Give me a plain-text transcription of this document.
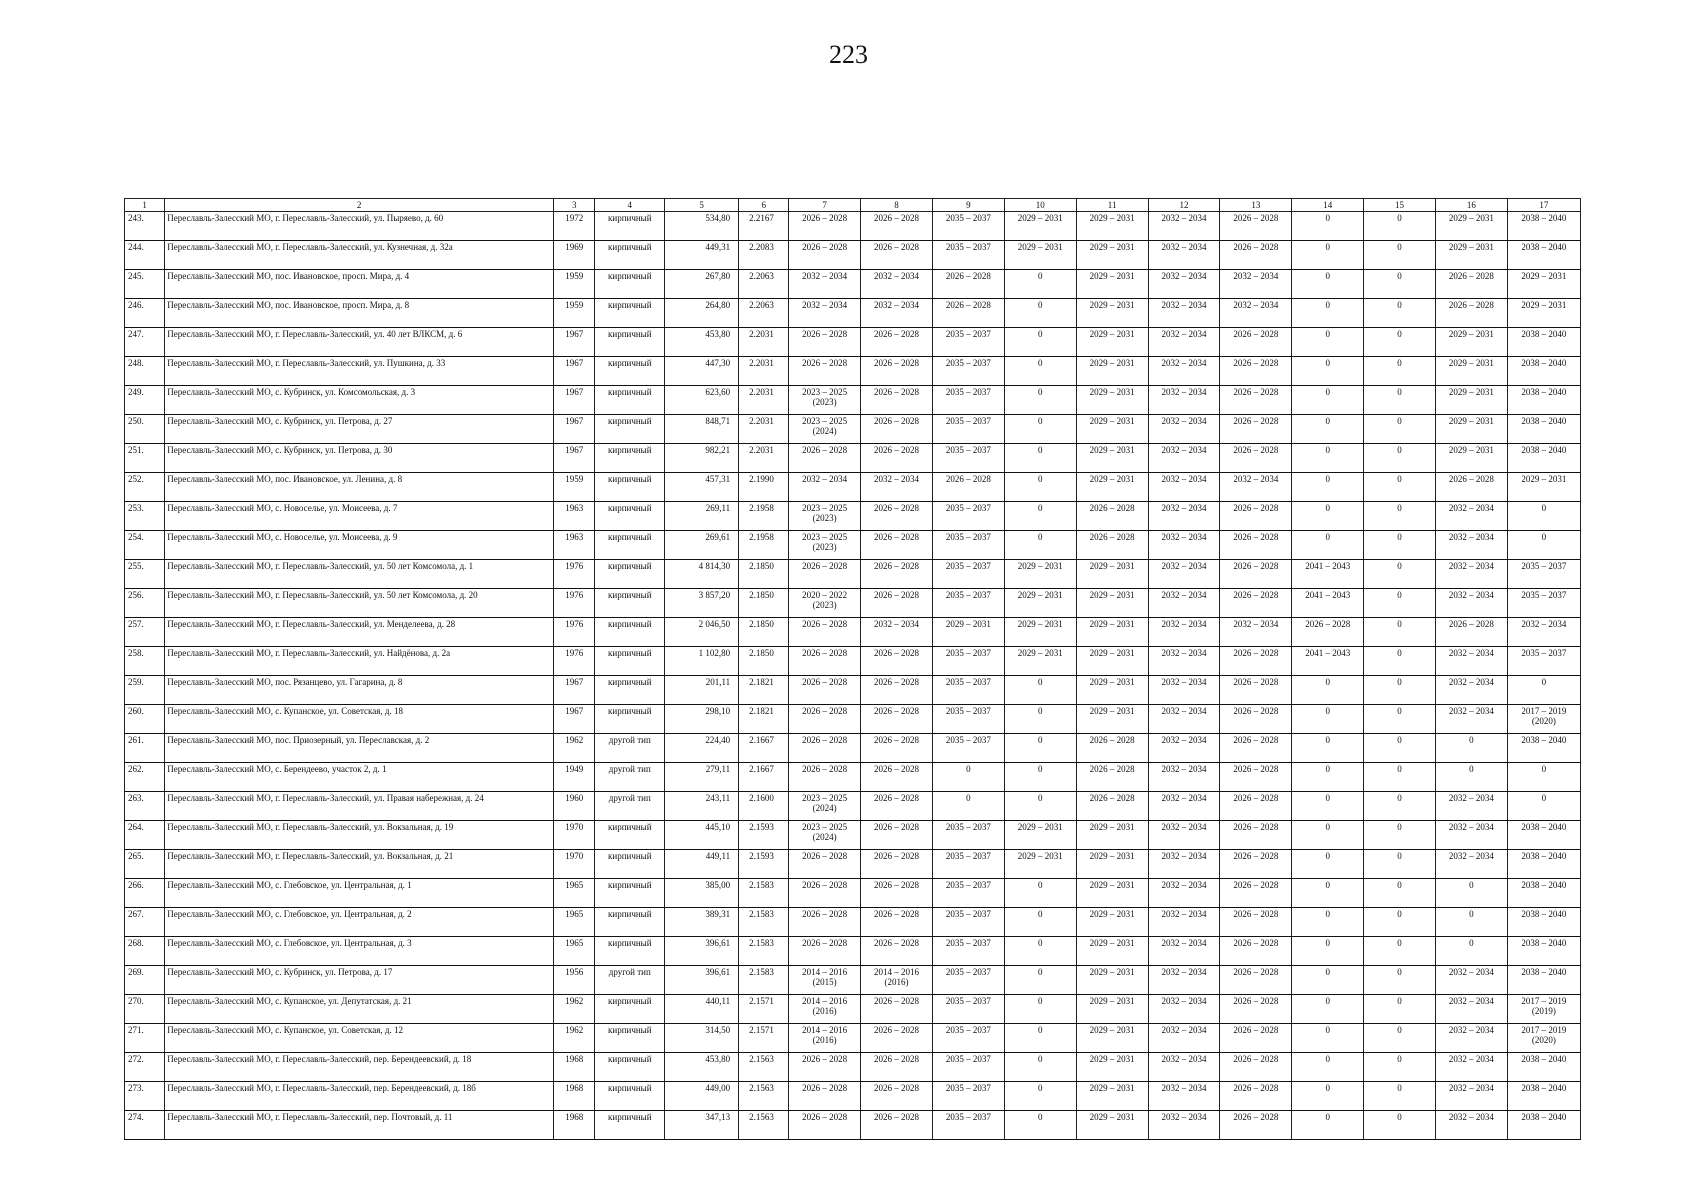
223
1	2	3	4	5	6	7	8	9	10	11	12	13	14	15	16	17
243.	Переславль-Залесский МО, г. Переславль-Залесский, ул. Пыряево, д. 60	1972	кирпичный	534,80	2.2167	2026 – 2028	2026 – 2028	2035 – 2037	2029 – 2031	2029 – 2031	2032 – 2034	2026 – 2028	0	0	2029 – 2031	2038 – 2040
244.	Переславль-Залесский МО, г. Переславль-Залесский, ул. Кузнечная, д. 32а	1969	кирпичный	449,31	2.2083	2026 – 2028	2026 – 2028	2035 – 2037	2029 – 2031	2029 – 2031	2032 – 2034	2026 – 2028	0	0	2029 – 2031	2038 – 2040
245.	Переславль-Залесский МО, пос. Ивановское, просп. Мира, д. 4	1959	кирпичный	267,80	2.2063	2032 – 2034	2032 – 2034	2026 – 2028	0	2029 – 2031	2032 – 2034	2032 – 2034	0	0	2026 – 2028	2029 – 2031
246.	Переславль-Залесский МО, пос. Ивановское, просп. Мира, д. 8	1959	кирпичный	264,80	2.2063	2032 – 2034	2032 – 2034	2026 – 2028	0	2029 – 2031	2032 – 2034	2032 – 2034	0	0	2026 – 2028	2029 – 2031
247.	Переславль-Залесский МО, г. Переславль-Залесский, ул. 40 лет ВЛКСМ, д. 6	1967	кирпичный	453,80	2.2031	2026 – 2028	2026 – 2028	2035 – 2037	0	2029 – 2031	2032 – 2034	2026 – 2028	0	0	2029 – 2031	2038 – 2040
248.	Переславль-Залесский МО, г. Переславль-Залесский, ул. Пушкина, д. 33	1967	кирпичный	447,30	2.2031	2026 – 2028	2026 – 2028	2035 – 2037	0	2029 – 2031	2032 – 2034	2026 – 2028	0	0	2029 – 2031	2038 – 2040
249.	Переславль-Залесский МО, с. Кубринск, ул. Комсомольская, д. 3	1967	кирпичный	623,60	2.2031	2023 – 2025 (2023)	2026 – 2028	2035 – 2037	0	2029 – 2031	2032 – 2034	2026 – 2028	0	0	2029 – 2031	2038 – 2040
250.	Переславль-Залесский МО, с. Кубринск, ул. Петрова, д. 27	1967	кирпичный	848,71	2.2031	2023 – 2025 (2024)	2026 – 2028	2035 – 2037	0	2029 – 2031	2032 – 2034	2026 – 2028	0	0	2029 – 2031	2038 – 2040
251.	Переславль-Залесский МО, с. Кубринск, ул. Петрова, д. 30	1967	кирпичный	982,21	2.2031	2026 – 2028	2026 – 2028	2035 – 2037	0	2029 – 2031	2032 – 2034	2026 – 2028	0	0	2029 – 2031	2038 – 2040
252.	Переславль-Залесский МО, пос. Ивановское, ул. Ленина, д. 8	1959	кирпичный	457,31	2.1990	2032 – 2034	2032 – 2034	2026 – 2028	0	2029 – 2031	2032 – 2034	2032 – 2034	0	0	2026 – 2028	2029 – 2031
253.	Переславль-Залесский МО, с. Новоселье, ул. Моисеева, д. 7	1963	кирпичный	269,11	2.1958	2023 – 2025 (2023)	2026 – 2028	2035 – 2037	0	2026 – 2028	2032 – 2034	2026 – 2028	0	0	2032 – 2034	0
254.	Переславль-Залесский МО, с. Новоселье, ул. Моисеева, д. 9	1963	кирпичный	269,61	2.1958	2023 – 2025 (2023)	2026 – 2028	2035 – 2037	0	2026 – 2028	2032 – 2034	2026 – 2028	0	0	2032 – 2034	0
255.	Переславль-Залесский МО, г. Переславль-Залесский, ул. 50 лет Комсомола, д. 1	1976	кирпичный	4 814,30	2.1850	2026 – 2028	2026 – 2028	2035 – 2037	2029 – 2031	2029 – 2031	2032 – 2034	2026 – 2028	2041 – 2043	0	2032 – 2034	2035 – 2037
256.	Переславль-Залесский МО, г. Переславль-Залесский, ул. 50 лет Комсомола, д. 20	1976	кирпичный	3 857,20	2.1850	2020 – 2022 (2023)	2026 – 2028	2035 – 2037	2029 – 2031	2029 – 2031	2032 – 2034	2026 – 2028	2041 – 2043	0	2032 – 2034	2035 – 2037
257.	Переславль-Залесский МО, г. Переславль-Залесский, ул. Менделеева, д. 28	1976	кирпичный	2 046,50	2.1850	2026 – 2028	2032 – 2034	2029 – 2031	2029 – 2031	2029 – 2031	2032 – 2034	2032 – 2034	2026 – 2028	0	2026 – 2028	2032 – 2034
258.	Переславль-Залесский МО, г. Переславль-Залесский, ул. Найдёнова, д. 2а	1976	кирпичный	1 102,80	2.1850	2026 – 2028	2026 – 2028	2035 – 2037	2029 – 2031	2029 – 2031	2032 – 2034	2026 – 2028	2041 – 2043	0	2032 – 2034	2035 – 2037
259.	Переславль-Залесский МО, пос. Рязанцево, ул. Гагарина, д. 8	1967	кирпичный	201,11	2.1821	2026 – 2028	2026 – 2028	2035 – 2037	0	2029 – 2031	2032 – 2034	2026 – 2028	0	0	2032 – 2034	0
260.	Переславль-Залесский МО, с. Купанское, ул. Советская, д. 18	1967	кирпичный	298,10	2.1821	2026 – 2028	2026 – 2028	2035 – 2037	0	2029 – 2031	2032 – 2034	2026 – 2028	0	0	2032 – 2034	2017 – 2019 (2020)
261.	Переславль-Залесский МО, пос. Приозерный, ул. Переславская, д. 2	1962	другой тип	224,40	2.1667	2026 – 2028	2026 – 2028	2035 – 2037	0	2026 – 2028	2032 – 2034	2026 – 2028	0	0	0	2038 – 2040
262.	Переславль-Залесский МО, с. Берендеево, участок 2, д. 1	1949	другой тип	279,11	2.1667	2026 – 2028	2026 – 2028	0	0	2026 – 2028	2032 – 2034	2026 – 2028	0	0	0	0
263.	Переславль-Залесский МО, г. Переславль-Залесский, ул. Правая набережная, д. 24	1960	другой тип	243,11	2.1600	2023 – 2025 (2024)	2026 – 2028	0	0	2026 – 2028	2032 – 2034	2026 – 2028	0	0	2032 – 2034	0
264.	Переславль-Залесский МО, г. Переславль-Залесский, ул. Вокзальная, д. 19	1970	кирпичный	445,10	2.1593	2023 – 2025 (2024)	2026 – 2028	2035 – 2037	2029 – 2031	2029 – 2031	2032 – 2034	2026 – 2028	0	0	2032 – 2034	2038 – 2040
265.	Переславль-Залесский МО, г. Переславль-Залесский, ул. Вокзальная, д. 21	1970	кирпичный	449,11	2.1593	2026 – 2028	2026 – 2028	2035 – 2037	2029 – 2031	2029 – 2031	2032 – 2034	2026 – 2028	0	0	2032 – 2034	2038 – 2040
266.	Переславль-Залесский МО, с. Глебовское, ул. Центральная, д. 1	1965	кирпичный	385,00	2.1583	2026 – 2028	2026 – 2028	2035 – 2037	0	2029 – 2031	2032 – 2034	2026 – 2028	0	0	0	2038 – 2040
267.	Переславль-Залесский МО, с. Глебовское, ул. Центральная, д. 2	1965	кирпичный	389,31	2.1583	2026 – 2028	2026 – 2028	2035 – 2037	0	2029 – 2031	2032 – 2034	2026 – 2028	0	0	0	2038 – 2040
268.	Переславль-Залесский МО, с. Глебовское, ул. Центральная, д. 3	1965	кирпичный	396,61	2.1583	2026 – 2028	2026 – 2028	2035 – 2037	0	2029 – 2031	2032 – 2034	2026 – 2028	0	0	0	2038 – 2040
269.	Переславль-Залесский МО, с. Кубринск, ул. Петрова, д. 17	1956	другой тип	396,61	2.1583	2014 – 2016 (2015)	2014 – 2016 (2016)	2035 – 2037	0	2029 – 2031	2032 – 2034	2026 – 2028	0	0	2032 – 2034	2038 – 2040
270.	Переславль-Залесский МО, с. Купанское, ул. Депутатская, д. 21	1962	кирпичный	440,11	2.1571	2014 – 2016 (2016)	2026 – 2028	2035 – 2037	0	2029 – 2031	2032 – 2034	2026 – 2028	0	0	2032 – 2034	2017 – 2019 (2019)
271.	Переславль-Залесский МО, с. Купанское, ул. Советская, д. 12	1962	кирпичный	314,50	2.1571	2014 – 2016 (2016)	2026 – 2028	2035 – 2037	0	2029 – 2031	2032 – 2034	2026 – 2028	0	0	2032 – 2034	2017 – 2019 (2020)
272.	Переславль-Залесский МО, г. Переславль-Залесский, пер. Берендеевский, д. 18	1968	кирпичный	453,80	2.1563	2026 – 2028	2026 – 2028	2035 – 2037	0	2029 – 2031	2032 – 2034	2026 – 2028	0	0	2032 – 2034	2038 – 2040
273.	Переславль-Залесский МО, г. Переславль-Залесский, пер. Берендеевский, д. 18б	1968	кирпичный	449,00	2.1563	2026 – 2028	2026 – 2028	2035 – 2037	0	2029 – 2031	2032 – 2034	2026 – 2028	0	0	2032 – 2034	2038 – 2040
274.	Переславль-Залесский МО, г. Переславль-Залесский, пер. Почтовый, д. 11	1968	кирпичный	347,13	2.1563	2026 – 2028	2026 – 2028	2035 – 2037	0	2029 – 2031	2032 – 2034	2026 – 2028	0	0	2032 – 2034	2038 – 2040
